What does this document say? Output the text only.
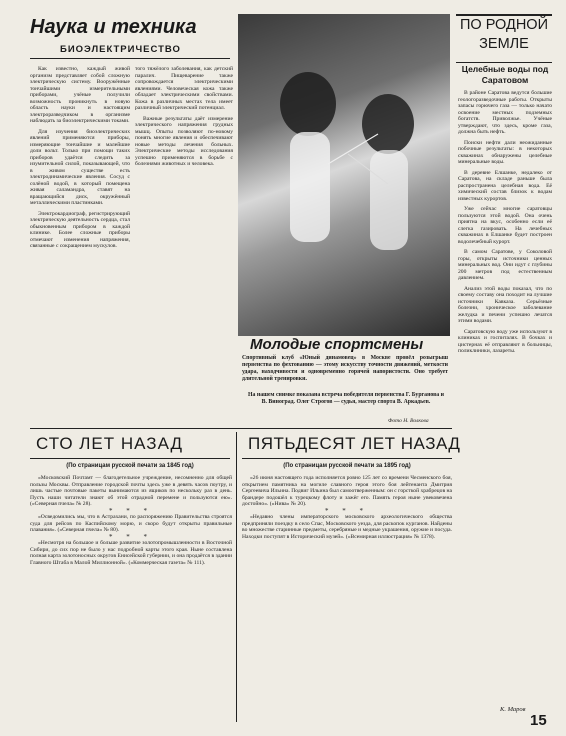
Наука и техника
БИОЭЛЕКТРИЧЕСТВО

Как известно, каждый живой организм представляет собой сложную электрическую систему. Вооружённые тончайшими измерительными приборами, учёные получили возможность проникнуть в новую область науки и настоящим электроразведчиком в организме наблюдать за биоэлектрическими токами.

Для изучения биоэлектрических явлений применяются приборы, измеряющие тончайшие и малейшие доли вольт. Только при помощи таких приборов удаётся следить за изумительной силой, показывающей, что в живом существе есть электродинамические явления. Сосуд с солёной водой, в который помещена живая саламандра, ставят на вращающийся диск, окружённый металлическими пластинками.

Электрокардиограф, регистрирующий электрическую деятельность сердца, стал обыкновенным прибором в каждой клинике. Более сложные приборы отмечают изменения напряжения, связанные с сокращением мускулов.

того тяжёлого заболевания, как детский паралич. Пищеварение также сопровождается электрическими явлениями. Человеческая кожа также обладает электрическими свойствами. Кожа в различных местах тела имеет различный электрический потенциал.

Важные результаты даёт измерение электрического напряжения грудных мышц. Опыты позволяют по-новому понять многие явления и обеспечивают новые методы лечения больных. Электрические методы исследования успешно применяются в борьбе с болезнями животных и человека.

Молодые спортсмены
Спортивный клуб «Юный динамовец» в Москве провёл розыгрыш первенства по фехтованию — этому искусству точности движений, меткости удара, находчивости и одновременно горячей напористости. Оно требует длительной тренировки.
На нашем снимке показана встреча победителя первенства Г. Бурганова и В. Виноград. Олег Строгов — судья, мастер спорта В. Аркадьев.
Фото Н. Волкова
ПО РОДНОЙ ЗЕМЛЕ
Целебные воды под Саратовом

В районе Саратова ведутся большие геологоразведочные работы. Открыты запасы горючего газа — только начато освоение местных подземных богатств. Приволжье. Учёные утверждают, что здесь, кроме газа, должна быть нефть.

Поиски нефти дали неожиданные побочные результаты: в некоторых скважинах обнаружены целебные минеральные воды.

В деревне Елшанке, недалеко от Саратова, на складе раньше была распространена целебная вода. Её химический состав близок к водам известных курортов.

Уже сейчас многие саратовцы пользуются этой водой. Она очень приятна на вкус, особенно если её слегка газировать. На лечебных скважинах в Елшанке будет построен водолечебный курорт.

В самом Саратове, у Соколовой горы, открыты источники ценных минеральных вод. Они идут с глубины 200 метров под естественным давлением.

Анализ этой воды показал, что по своему составу она походит на лучшие источники Кавказа. Серьёзные болезни, хроническое заболевание желудка и печени успешно лечатся этими водами.

Саратовскую воду уже используют в клиниках и госпиталях. В бочках и цистернах её отправляют в больницы, поликлиники, лазареты.

К. Маров
СТО ЛЕТ НАЗАД
(По страницам русской печати за 1845 год)

«Московский Почтамт — благодетельное учреждение, несомненно для общей пользы Москвы. Отправление городской почты здесь уже в девять часов поутру, и лишь частые почтовые пакеты вынимаются из ящиков по нескольку раз в день. Пусть наши читатели знают об этой отрадной перемене и пользуются ею». («Северная пчела» № 28).

* * *

«Осведомились мы, что в Астрахани, по распоряжению Правительства строятся суда для рейсов по Каспийскому морю, и скоро будут открыты правильные плавания». («Северная пчела» № 80).

* * *

«Несмотря на большое и больше развитие золотопромышленности в Восточной Сибири, до сих пор не было у нас подробной карты этого края. Ныне составлена полная карта золотоносных округов Енисейской губернии, и она продаётся в здании Главного Штаба в Малой Миллионной». («Коммерческая газета» № 111).

ПЯТЬДЕСЯТ ЛЕТ НАЗАД
(По страницам русской печати за 1895 год)

«26 июня настоящего года исполняется ровно 125 лет со времени Чесменского боя, открытием памятника на могиле славного героя этого боя лейтенанта Дмитрия Сергеевича Ильина. Подвиг Ильина был самоотверженным: он с горсткой храбрецов на брандере подошёл к турецкому флоту и зажёг его. Память героя ныне увековечена достойно». («Нива» № 20).

* * *

«Недавно члены императорского московского археологического общества предприняли поездку в село Спас, Московского уезда, для раскопок курганов. Найдены во множестве старинные предметы, серебряные и медные украшения, оружие и посуда. Находки поступят в Исторический музей». («Всемирная иллюстрация» № 1378).

15
